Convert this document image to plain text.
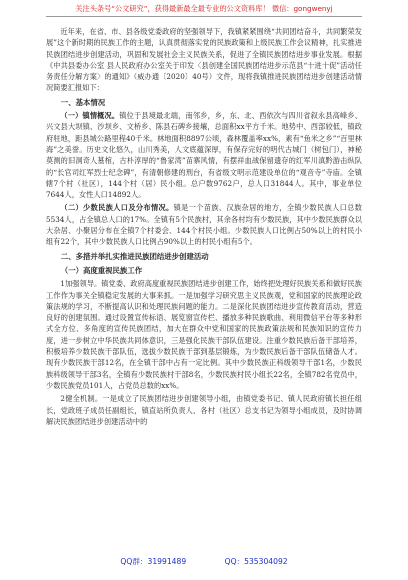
关注头条号“公文研究”，获得最新最全最专业的公文资料库！ 微信：gongwenyj

近年来，在省、市、县各级党委政府的坚强领导下，我镇紧紧围绕“共同团结奋斗，共同繁荣发展”这个新时期的民族工作的主题，认真贯彻落实党的民族政策和上级民族工作会议精神，扎实推进民族团结进步创建活动，巩固和发展社会主义民族关系，促进了全镇民族团结进步事业发展。根据《中共县委办公室 县人民政府办公室关于印发〈县创建全国民族团结进步示范县“十进十促”活动任务责任分解方案〉的通知》（威办通〔2020〕40号）文件，现将我镇推进民族团结进步创建活动情况简要汇报如下：

一、基本情况

（一）镇情概况。镇位于县境最北端，南邻乡，乡，东、北、西依次与四川省叙永县高峰乡、兴文县大坝镇、沙坝乡、文桥乡、陈县石碑乡接壤，总面积xx平方千米。地势中、西部较低，镇政府驻地，距县城公路里程40千米。林地面积8897公顷，森林覆盖率xx%，素有“鱼米之乡”“百里林海”之美誉。历史文化悠久，山川秀美，人文底蕴深厚，有保存完好的明代古城门（树包门），神秘莫测的旧洞奇人墓棺，古朴淳厚的“鲁家湾”苗寨风情，有摆祥血战保留遗存的红军川滇黔游击纵队的“长官司红军烈士纪念碑”，有清朝修建的刑台，有省级文明示范建设单位的“观音寺”寺庙。全镇辖7个村（社区），144个村（居）民小组。总户数9762户，总人口31844人。其中，事业单位7644人，女性人口14892人。

（二）少数民族人口及分布情况。镇是一个苗族、汉族杂居的地方，全镇少数民族人口总数5534人，占全镇总人口的17%。全镇有5个民族村，其余各村均有少数民族，其中少数民族群众以大杂居、小聚居分布在全镇7个村委会、144个村民小组。少数民族人口比例占50%以上的村民小组有22个，其中少数民族人口比例占90%以上的村民小组有5个。

二、多措并举扎实推进民族团结进步创建活动
（一）高度重视民族工作

1加强领导。镇党委、政府高度重视民族团结进步创建工作，始终把处理好民族关系和做好民族工作作为事关全镇稳定发展的大事来抓。一是加强学习研究思主义民族观，党和国家的民族理论政策法规的学习，不断提高认识和处理民族问题的能力。二是深化民族团结进步宣传教育活动，营造良好的创建氛围。通过设置宣传标语、展览窗宣传栏、播放多种民族歌曲、利用微信平台等多种形式全方位、多角度的宣传民族团结，加大在群众中党和国家的民族政策法规和民族知识的宣传力度，进一步树立中华民族共同体意识，三是强化民族干部队伍建设。注重少数民族后备干部培养，积极培养少数民族干部队伍，选拔少数民族干部到基层锻炼，为少数民族后备干部队伍储备人才。现有少数民族干部12名，在全镇干部中占有一定比例。其中少数民族正科级领导干部1名，少数民族科级领导干部3名，全镇有少数民族村干部8名，少数民族村民小组长22名，全镇782名党员中，少数民族党员101人，占党员总数的xx%。

2健全机制。一是成立了民族团结进步创建领导小组，由镇党委书记、镇人民政府镇长担任组长，党政班子成员任副组长，镇直站所负责人、各村（社区）总支书记为领导小组成员，及时协调解决民族团结进步创建活动中的

QQ群：31991489	QQ：535304092
